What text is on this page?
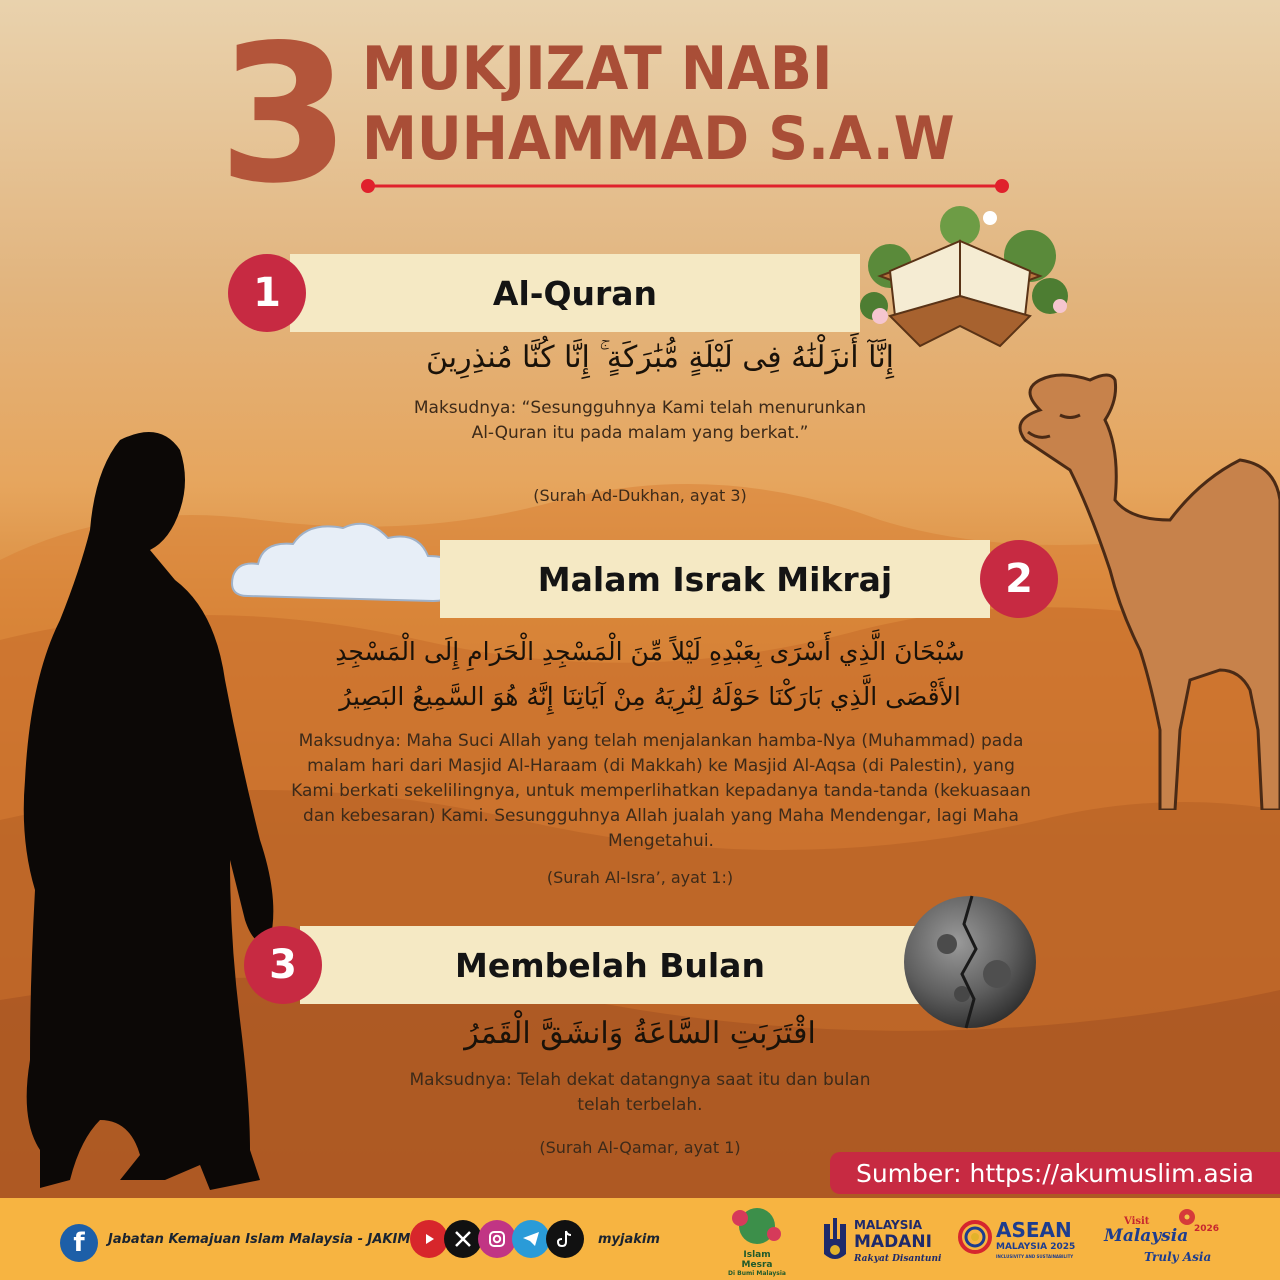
3 MUKJIZAT NABI
MUHAMMAD S.A.W
Al-Quran
1
إِنَّآ أَنزَلْنَٰهُ فِى لَيْلَةٍ مُّبَٰرَكَةٍ ۚ إِنَّا كُنَّا مُنذِرِينَ
Maksudnya: “Sesungguhnya Kami telah menurunkan Al-Quran itu pada malam yang berkat.”
(Surah Ad-Dukhan, ayat 3)
Malam Israk Mikraj	2
سُبْحَانَ الَّذِي أَسْرَى بِعَبْدِهِ لَيْلاً مِّنَ الْمَسْجِدِ الْحَرَامِ إِلَى الْمَسْجِدِ
الأَقْصَى الَّذِي بَارَكْنَا حَوْلَهُ لِنُرِيَهُ مِنْ آيَاتِنَا إِنَّهُ هُوَ السَّمِيعُ البَصِيرُ
Maksudnya: Maha Suci Allah yang telah menjalankan hamba-Nya (Muhammad) pada malam hari dari Masjid Al-Haraam (di Makkah) ke Masjid Al-Aqsa (di Palestin), yang Kami berkati sekelilingnya, untuk memperlihatkan kepadanya tanda-tanda (kekuasaan dan kebesaran) Kami. Sesungguhnya Allah jualah yang Maha Mendengar, lagi Maha Mengetahui.
(Surah Al-Isra’, ayat 1:)
Membelah Bulan
3
اقْتَرَبَتِ السَّاعَةُ وَانشَقَّ الْقَمَرُ
Maksudnya: Telah dekat datangnya saat itu dan bulan telah terbelah.
(Surah Al-Qamar, ayat 1)
Sumber: https://akumuslim.asia
f	Jabatan Kemajuan Islam Malaysia - JAKIM	myjakim
Islam
Mesra
Di Bumi Malaysia
MALAYSIA
MADANI
Rakyat Disantuni
ASEAN
MALAYSIA 2025
INCLUSIVITY AND SUSTAINABILITY
Visit
Malaysia 2026
Truly Asia
